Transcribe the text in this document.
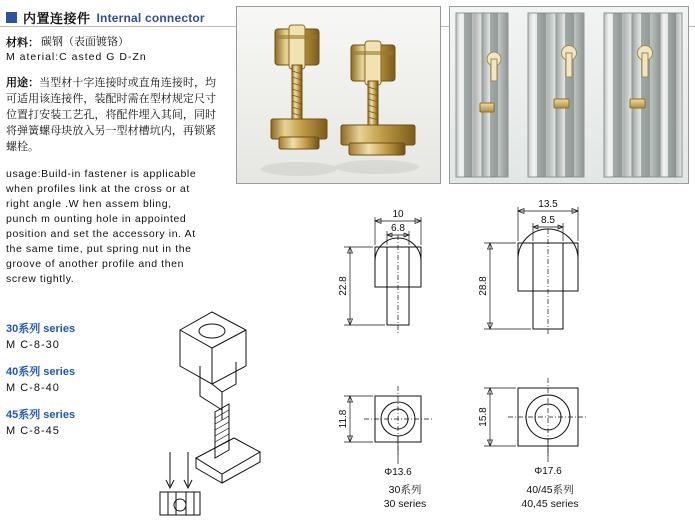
内置连接件 Internal connector
材料： 碳钢（表面镀铬）
M aterial:C asted G D-Zn
用途：当型材十字连接时或直角连接时，均可适用该连接件，装配时需在型材规定尺寸位置打安装工艺孔，将配件埋入其间，同时将弹簧螺母块放入另一型材槽坑内，再锁紧螺栓。
usage:Build-in fastener is applicable when profiles link at the cross or at right angle .W hen assem bling, punch m ounting hole in appointed position and set the accessory in. At the same time, put spring nut in the groove of another profile and then screw tightly.
30系列 series
M C-8-30
40系列 series
M C-8-40
45系列 series
M C-8-45
10
6.8
22.8
13.5
8.5
28.8
11.8
Φ13.6
30系列
30 series
15.8
Φ17.6
40/45系列
40,45 series
